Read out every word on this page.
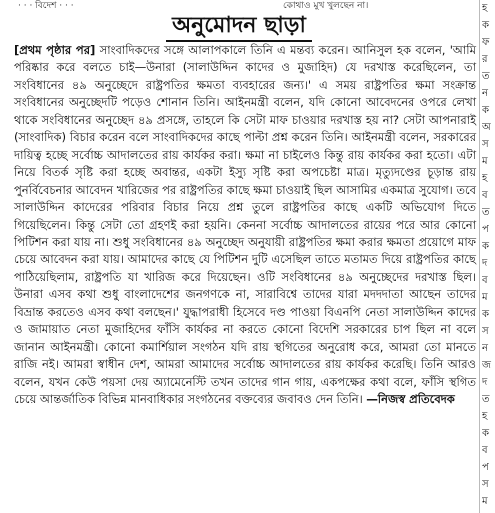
· · · বিদেশ · · ·	কোথাও মুখ খুলছেন না।
অনুমোদন ছাড়া

[প্রথম পৃষ্ঠার পর] সাংবাদিকদের সঙ্গে আলাপকালে তিনি এ মন্তব্য করেন। আনিসুল হক বলেন, 'আমি পরিষ্কার করে বলতে চাই—উনারা (সালাউদ্দিন কাদের ও মুজাহিদ) যে দরখাস্ত করেছিলেন, তা সংবিধানের ৪৯ অনুচ্ছেদে রাষ্ট্রপতির ক্ষমতা ব্যবহারের জন্য।' এ সময় রাষ্ট্রপতির ক্ষমা সংক্রান্ত সংবিধানের অনুচ্ছেদটি পড়েও শোনান তিনি। আইনমন্ত্রী বলেন, যদি কোনো আবেদনের ওপরে লেখা থাকে সংবিধানের অনুচ্ছেদ ৪৯ প্রসঙ্গে, তাহলে কি সেটা মাফ চাওয়ার দরখাস্ত হয় না? সেটা আপনারাই (সাংবাদিক) বিচার করেন বলে সাংবাদিকদের কাছে পাল্টা প্রশ্ন করেন তিনি। আইনমন্ত্রী বলেন, সরকারের দায়িত্ব হচ্ছে সর্বোচ্চ আদালতের রায় কার্যকর করা। ক্ষমা না চাইলেও কিন্তু রায় কার্যকর করা হতো। এটা নিয়ে বিতর্ক সৃষ্টি করা হচ্ছে অবান্তর, একটা ইস্যু সৃষ্টি করা অপচেষ্টা মাত্র। মৃত্যুদণ্ডের চূড়ান্ত রায় পুনর্বিবেচনার আবেদন খারিজের পর রাষ্ট্রপতির কাছে ক্ষমা চাওয়াই ছিল আসামির একমাত্র সুযোগ। তবে সালাউদ্দিন কাদেরের পরিবার বিচার নিয়ে প্রশ্ন তুলে রাষ্ট্রপতির কাছে একটি অভিযোগ দিতে গিয়েছিলেন। কিন্তু সেটা তো গ্রহণই করা হয়নি। কেননা সর্বোচ্চ আদালতের রায়ের পরে আর কোনো পিটিশন করা যায় না। শুধু সংবিধানের ৪৯ অনুচ্ছেদ অনুযায়ী রাষ্ট্রপতির ক্ষমা করার ক্ষমতা প্রয়োগে মাফ চেয়ে আবেদন করা যায়। আমাদের কাছে যে পিটিশন দুটি এসেছিল তাতে মতামত দিয়ে রাষ্ট্রপতির কাছে পাঠিয়েছিলাম, রাষ্ট্রপতি যা খারিজ করে দিয়েছেন। ওটি সংবিধানের ৪৯ অনুচ্ছেদের দরখাস্ত ছিল। উনারা এসব কথা শুধু বাংলাদেশের জনগণকে না, সারাবিশ্বে তাদের যারা মদদদাতা আছেন তাদের বিভ্রান্ত করতেও এসব কথা বলছেন।' যুদ্ধাপরাধী হিসেবে দণ্ড পাওয়া বিএনপি নেতা সালাউদ্দিন কাদের ও জামায়াত নেতা মুজাহিদের ফাঁসি কার্যকর না করতে কোনো বিদেশি সরকারের চাপ ছিল না বলে জানান আইনমন্ত্রী। কোনো কমার্শিয়াল সংগঠন যদি রায় স্থগিতের অনুরোধ করে, আমরা তো মানতে রাজি নই। আমরা স্বাধীন দেশ, আমরা আমাদের সর্বোচ্চ আদালতের রায় কার্যকর করেছি। তিনি আরও বলেন, যখন কেউ পয়সা দেয় অ্যামেনেস্টি তখন তাদের গান গায়, একপক্ষের কথা বলে, ফাঁসি স্থগিত চেয়ে আন্তর্জাতিক বিভিন্ন মানবাধিকার সংগঠনের বক্তব্যের জবাবও দেন তিনি। —নিজস্ব প্রতিবেদক

হ
ক
ফ
র
ত
ন
ক
অ
স
ম
হ
ব
ত
প
ক
দ
ব
ম
ক
স
ন
জ
দ
ত
হ
ক
ব
প
স
ম
